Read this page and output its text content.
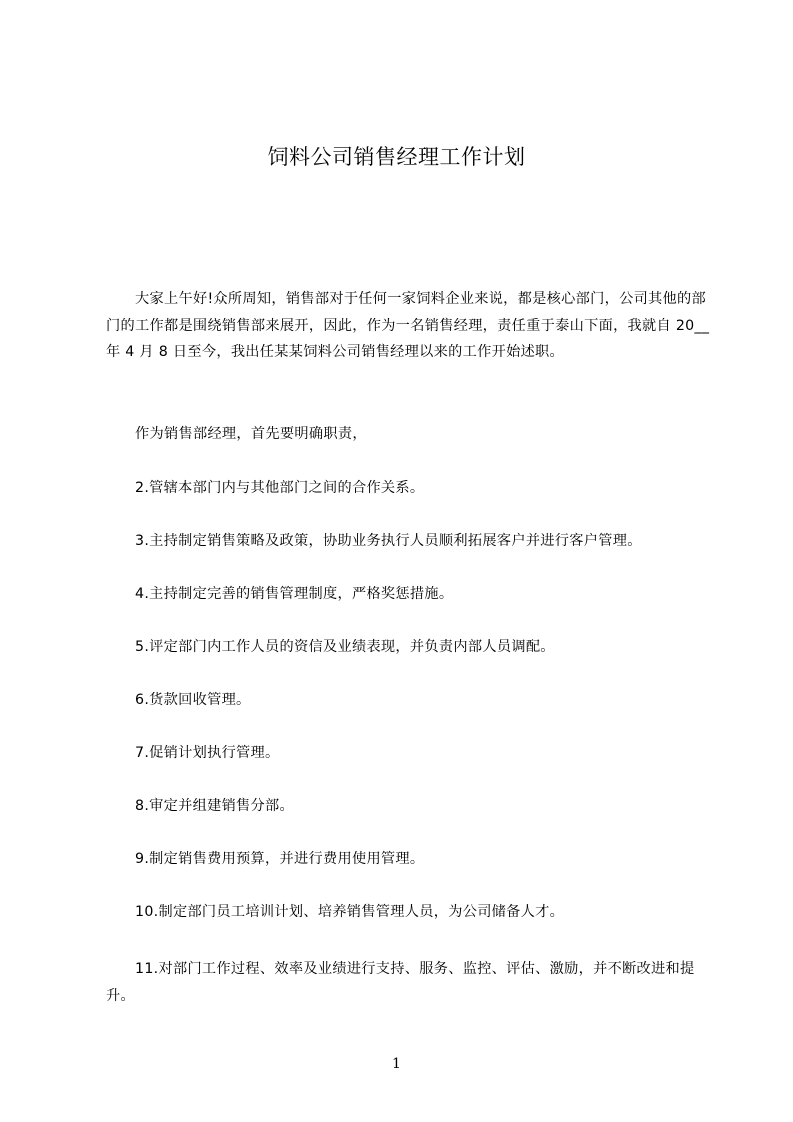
饲料公司销售经理工作计划
大家上午好!众所周知，销售部对于任何一家饲料企业来说，都是核心部门，公司其他的部门的工作都是围绕销售部来展开，因此，作为一名销售经理，责任重于泰山下面，我就自 20__年 4 月 8 日至今，我出任某某饲料公司销售经理以来的工作开始述职。
作为销售部经理，首先要明确职责，
2.管辖本部门内与其他部门之间的合作关系。
3.主持制定销售策略及政策，协助业务执行人员顺利拓展客户并进行客户管理。
4.主持制定完善的销售管理制度，严格奖惩措施。
5.评定部门内工作人员的资信及业绩表现，并负责内部人员调配。
6.货款回收管理。
7.促销计划执行管理。
8.审定并组建销售分部。
9.制定销售费用预算，并进行费用使用管理。
10.制定部门员工培训计划、培养销售管理人员，为公司储备人才。
11.对部门工作过程、效率及业绩进行支持、服务、监控、评估、激励，并不断改进和提升。
1
